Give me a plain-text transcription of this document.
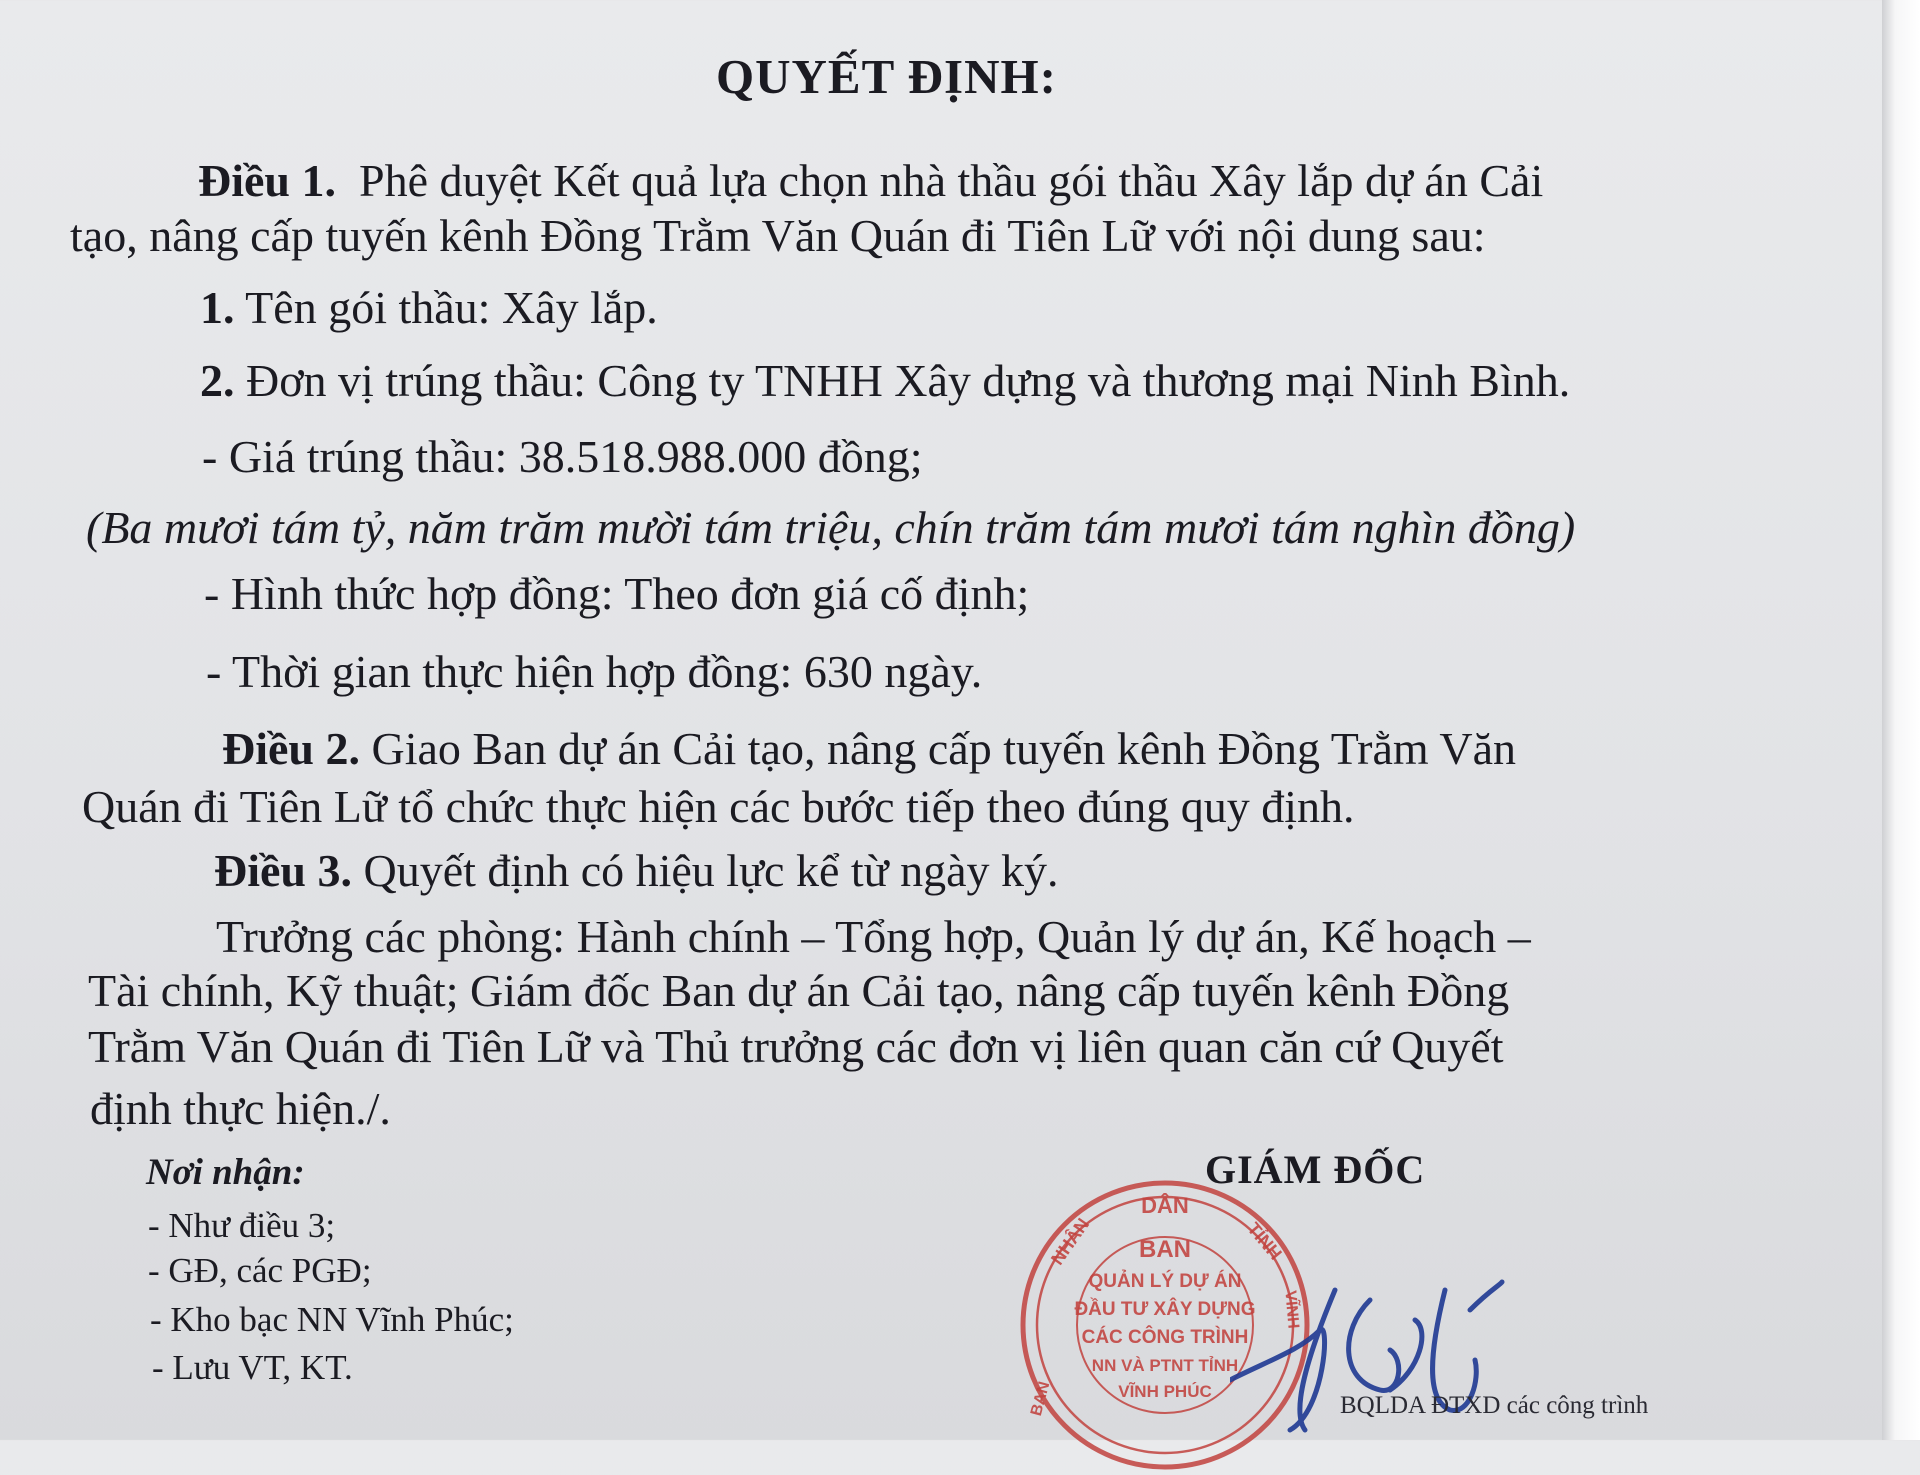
QUYẾT ĐỊNH:
Điều 1. Phê duyệt Kết quả lựa chọn nhà thầu gói thầu Xây lắp dự án Cải
tạo, nâng cấp tuyến kênh Đồng Trằm Văn Quán đi Tiên Lữ với nội dung sau:
1. Tên gói thầu: Xây lắp.
2. Đơn vị trúng thầu: Công ty TNHH Xây dựng và thương mại Ninh Bình.
- Giá trúng thầu: 38.518.988.000 đồng;
(Ba mươi tám tỷ, năm trăm mười tám triệu, chín trăm tám mươi tám nghìn đồng)
- Hình thức hợp đồng: Theo đơn giá cố định;
- Thời gian thực hiện hợp đồng: 630 ngày.
Điều 2. Giao Ban dự án Cải tạo, nâng cấp tuyến kênh Đồng Trằm Văn
Quán đi Tiên Lữ tổ chức thực hiện các bước tiếp theo đúng quy định.
Điều 3. Quyết định có hiệu lực kể từ ngày ký.
Trưởng các phòng: Hành chính – Tổng hợp, Quản lý dự án, Kế hoạch –
Tài chính, Kỹ thuật; Giám đốc Ban dự án Cải tạo, nâng cấp tuyến kênh Đồng
Trằm Văn Quán đi Tiên Lữ và Thủ trưởng các đơn vị liên quan căn cứ Quyết
định thực hiện./.
Nơi nhận:
- Như điều 3;
- GĐ, các PGĐ;
- Kho bạc NN Vĩnh Phúc;
- Lưu VT, KT.
GIÁM ĐỐC
DÂN
NHÂN	TỈNH
VĨNH
BAN
BAN
QUẢN LÝ DỰ ÁN
ĐẦU TƯ XÂY DỰNG
CÁC CÔNG TRÌNH
NN VÀ PTNT TỈNH
VĨNH PHÚC
BQLDA ĐTXD các công trình
